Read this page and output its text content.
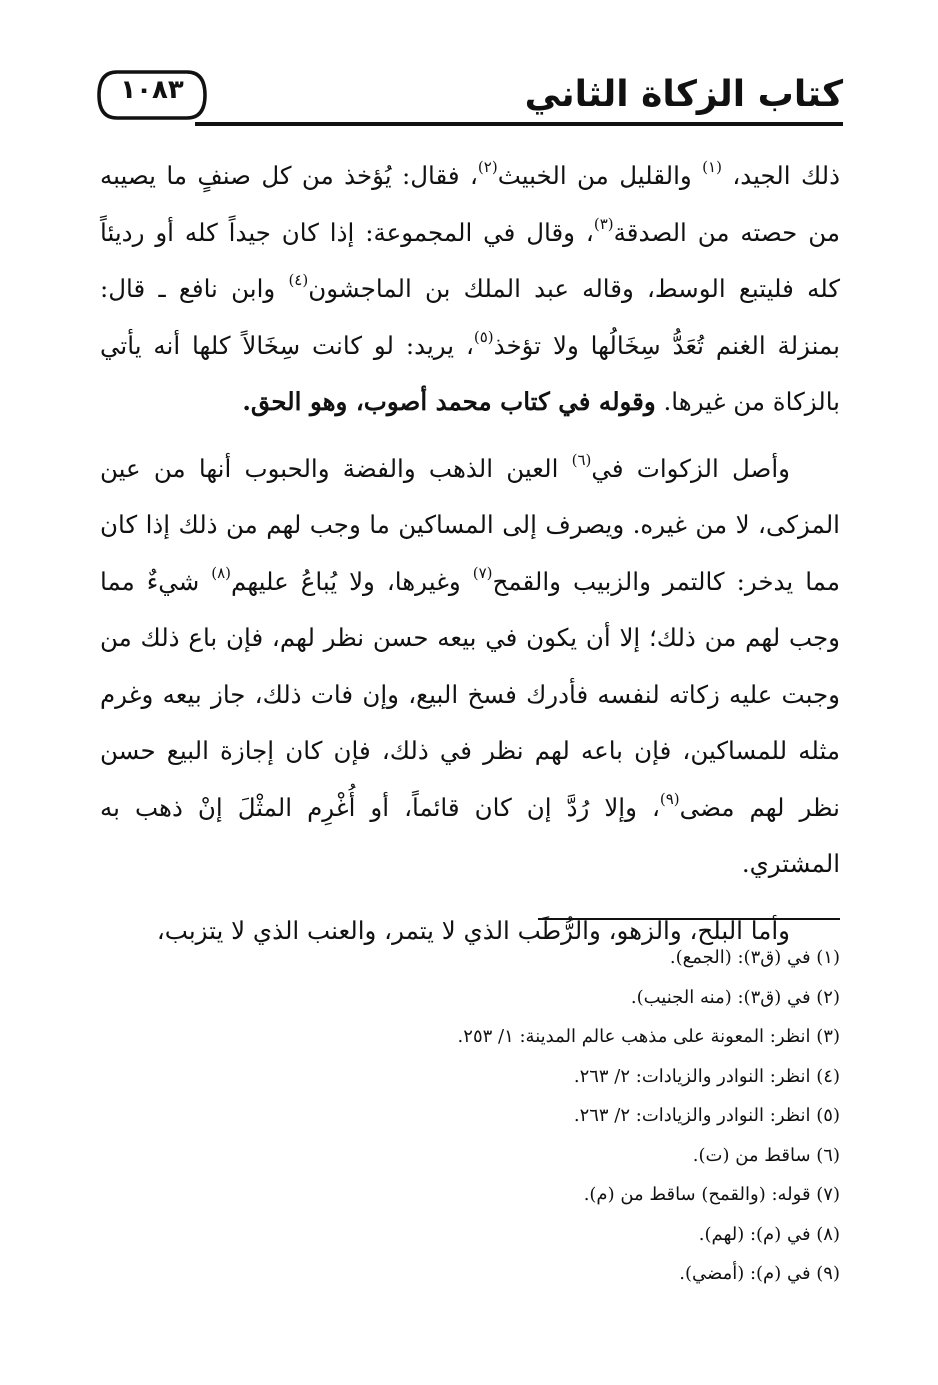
١٠٨٣	كتاب الزكاة الثاني

ذلك الجيد، $^{(١)}$ والقليل من الخبيث$^{(٢)}$، فقال: يُؤخذ من كل صنفٍ ما يصيبه من حصته من الصدقة$^{(٣)}$، وقال في المجموعة: إذا كان جيداً كله أو رديئاً كله فليتبع الوسط، وقاله عبد الملك بن الماجشون$^{(٤)}$ وابن نافع ـ قال: بمنزلة الغنم تُعَدُّ سِخَالُها ولا تؤخذ$^{(٥)}$، يريد: لو كانت سِخَالاً كلها أنه يأتي بالزكاة من غيرها. وقوله في كتاب محمد أصوب، وهو الحق.

وأصل الزكوات في$^{(٦)}$ العين الذهب والفضة والحبوب أنها من عين المزكى، لا من غيره. ويصرف إلى المساكين ما وجب لهم من ذلك إذا كان مما يدخر: كالتمر والزبيب والقمح$^{(٧)}$ وغيرها، ولا يُباعُ عليهم$^{(٨)}$ شيءٌ مما وجب لهم من ذلك؛ إلا أن يكون في بيعه حسن نظر لهم، فإن باع ذلك من وجبت عليه زكاته لنفسه فأدرك فسخ البيع، وإن فات ذلك، جاز بيعه وغرم مثله للمساكين، فإن باعه لهم نظر في ذلك، فإن كان إجازة البيع حسن نظر لهم مضى$^{(٩)}$، وإلا رُدَّ إن كان قائماً، أو أُغْرِم المثْلَ إنْ ذهب به المشتري.

وأما البلح، والزهو، والرُّطَب الذي لا يتمر، والعنب الذي لا يتزبب،

(١) في (ق٣): (الجمع).

(٢) في (ق٣): (منه الجنيب).

(٣) انظر: المعونة على مذهب عالم المدينة: ١/ ٢٥٣.

(٤) انظر: النوادر والزيادات: ٢/ ٢٦٣.

(٥) انظر: النوادر والزيادات: ٢/ ٢٦٣.

(٦) ساقط من (ت).

(٧) قوله: (والقمح) ساقط من (م).

(٨) في (م): (لهم).

(٩) في (م): (أمضي).
